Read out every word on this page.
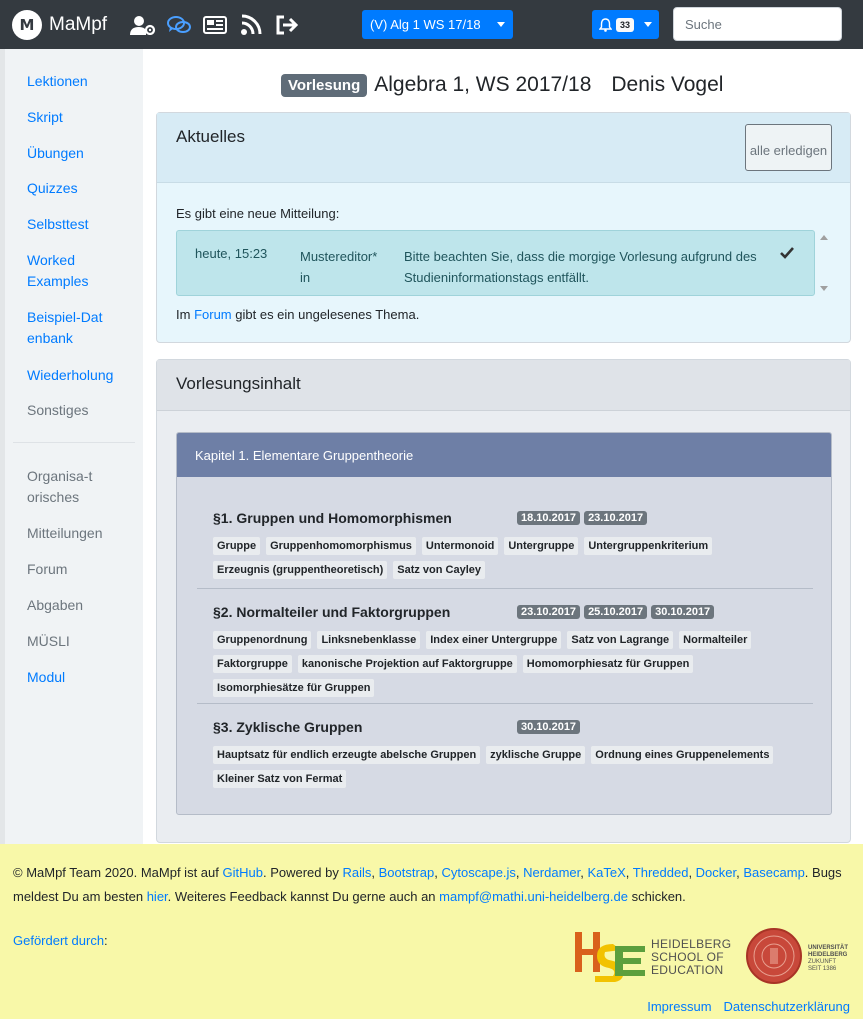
M MaMpf	(V) Alg 1 WS 17/18	33
Suche
Lektionen
Skript
Übungen
Quizzes
Selbsttest
Worked Examples
Beispiel-Datenbank
Wiederholung
Sonstiges
Organisa-torisches
Mitteilungen
Forum
Abgaben
MÜSLI
Modul
Vorlesung Algebra 1, WS 2017/18 Denis Vogel
Aktuelles
alle erledigen
Es gibt eine neue Mitteilung:
heute, 15:23	Mustereditor*in
Bitte beachten Sie, dass die morgige Vorlesung aufgrund des Studieninformationstags entfällt.
Im Forum gibt es ein ungelesenes Thema.
Vorlesungsinhalt
Kapitel 1. Elementare Gruppentheorie
§1. Gruppen und Homomorphismen	18.10.2017	23.10.2017
Gruppe	Gruppenhomomorphismus	Untermonoid	Untergruppe	Untergruppenkriterium
Erzeugnis (gruppentheoretisch)	Satz von Cayley
§2. Normalteiler und Faktorgruppen	23.10.2017	25.10.2017	30.10.2017
Gruppenordnung	Linksnebenklasse	Index einer Untergruppe	Satz von Lagrange	Normalteiler
Faktorgruppe	kanonische Projektion auf Faktorgruppe	Homomorphiesatz für Gruppen
Isomorphiesätze für Gruppen
§3. Zyklische Gruppen	30.10.2017
Hauptsatz für endlich erzeugte abelsche Gruppen	zyklische Gruppe	Ordnung eines Gruppenelements
Kleiner Satz von Fermat
© MaMpf Team 2020. MaMpf ist auf GitHub. Powered by Rails, Bootstrap, Cytoscape.js, Nerdamer, KaTeX, Thredded, Docker, Basecamp. Bugs meldest Du am besten hier. Weiteres Feedback kannst Du gerne auch an mampf@mathi.uni-heidelberg.de schicken.
Gefördert durch:	HEIDELBERG
SCHOOL OF
EDUCATION
UNIVERSITÄT
HEIDELBERG
ZUKUNFT
SEIT 1386
Impressum Datenschutzerklärung
